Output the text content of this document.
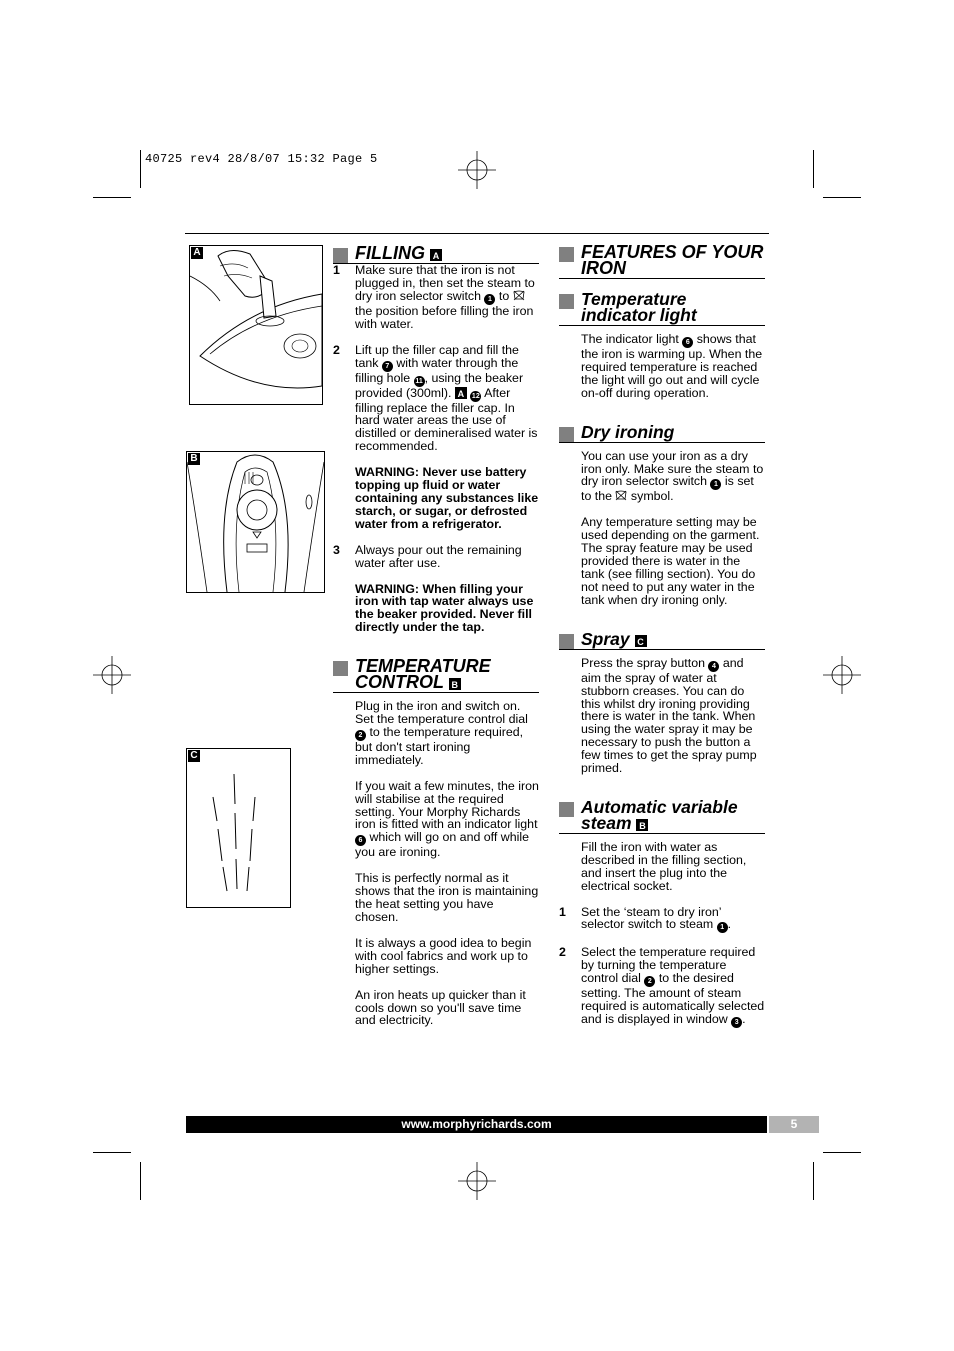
40725 rev4 28/8/07 15:32 Page 5
A
B
C
FILLING A
1 Make sure that the iron is not plugged in, then set the steam to dry iron selector switch 1 to  the position before filling the iron with water.
2 Lift up the filler cap and fill the tank 7 with water through the filling hole 11 , using the beaker provided (300ml). A 12 After filling replace the filler cap. In hard water areas the use of distilled or demineralised water is recommended.

WARNING: Never use battery topping up fluid or water containing any substances like starch, or sugar, or defrosted water from a refrigerator.

3 Always pour out the remaining water after use.

WARNING: When filling your iron with tap water always use the beaker provided. Never fill directly under the tap.

TEMPERATURE CONTROL B

Plug in the iron and switch on. Set the temperature control dial 2 to the temperature required, but don't start ironing immediately.

If you wait a few minutes, the iron will stabilise at the required setting. Your Morphy Richards iron is fitted with an indicator light 6 which will go on and off while you are ironing.

This is perfectly normal as it shows that the iron is maintaining the heat setting you have chosen.

It is always a good idea to begin with cool fabrics and work up to higher settings.

An iron heats up quicker than it cools down so you'll save time and electricity.

FEATURES OF YOUR IRON
Temperature indicator light

The indicator light 6 shows that the iron is warming up. When the required temperature is reached the light will go out and will cycle on-off during operation.

Dry ironing

You can use your iron as a dry iron only. Make sure the steam to dry iron selector switch 1 is set to the symbol.

Any temperature setting may be used depending on the garment. The spray feature may be used provided there is water in the tank (see filling section). You do not need to put any water in the tank when dry ironing only.

Spray C

Press the spray button 4 and aim the spray of water at stubborn creases. You can do this whilst dry ironing providing there is water in the tank. When using the water spray it may be necessary to push the button a few times to get the spray pump primed.

Automatic variable steam B

Fill the iron with water as described in the filling section, and insert the plug into the electrical socket.

1 Set the ‘steam to dry iron’ selector switch to steam 1 .
2 Select the temperature required by turning the temperature control dial 2 to the desired setting. The amount of steam required is automatically selected and is displayed in window 3 .
www.morphyrichards.com	5
